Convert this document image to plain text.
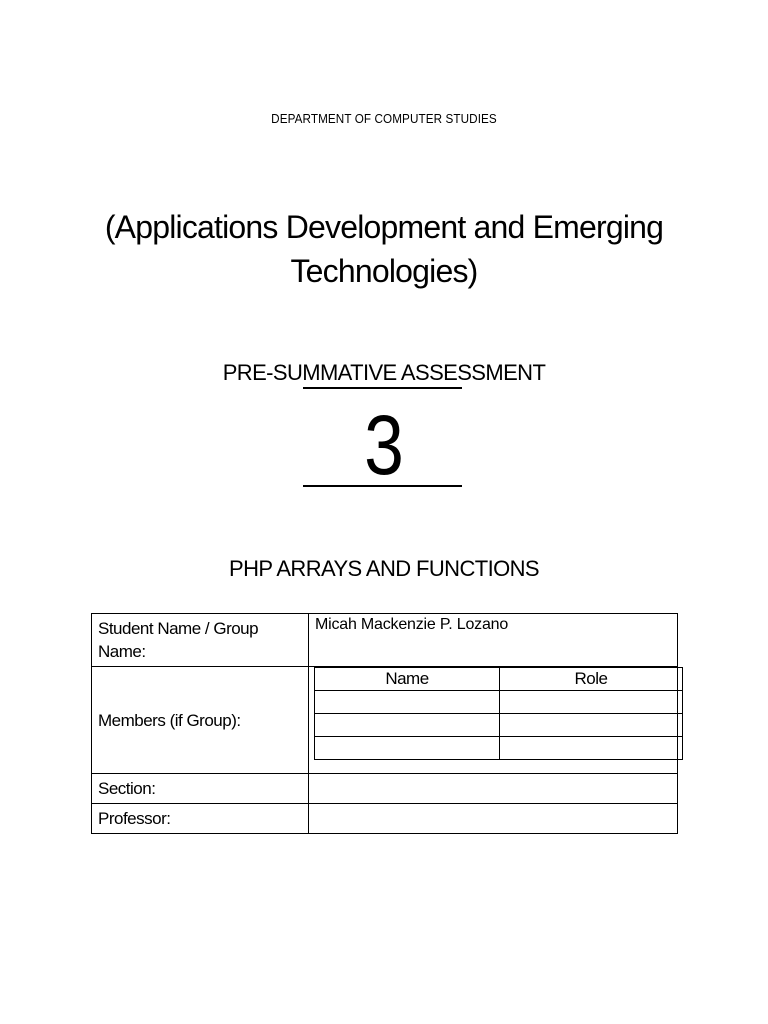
DEPARTMENT OF COMPUTER STUDIES
(Applications Development and Emerging Technologies)
PRE-SUMMATIVE ASSESSMENT
3
PHP ARRAYS AND FUNCTIONS
Student Name / Group Name:	Micah Mackenzie P. Lozano
Members (if Group):	
Name	Role

Section:	
Professor:	
